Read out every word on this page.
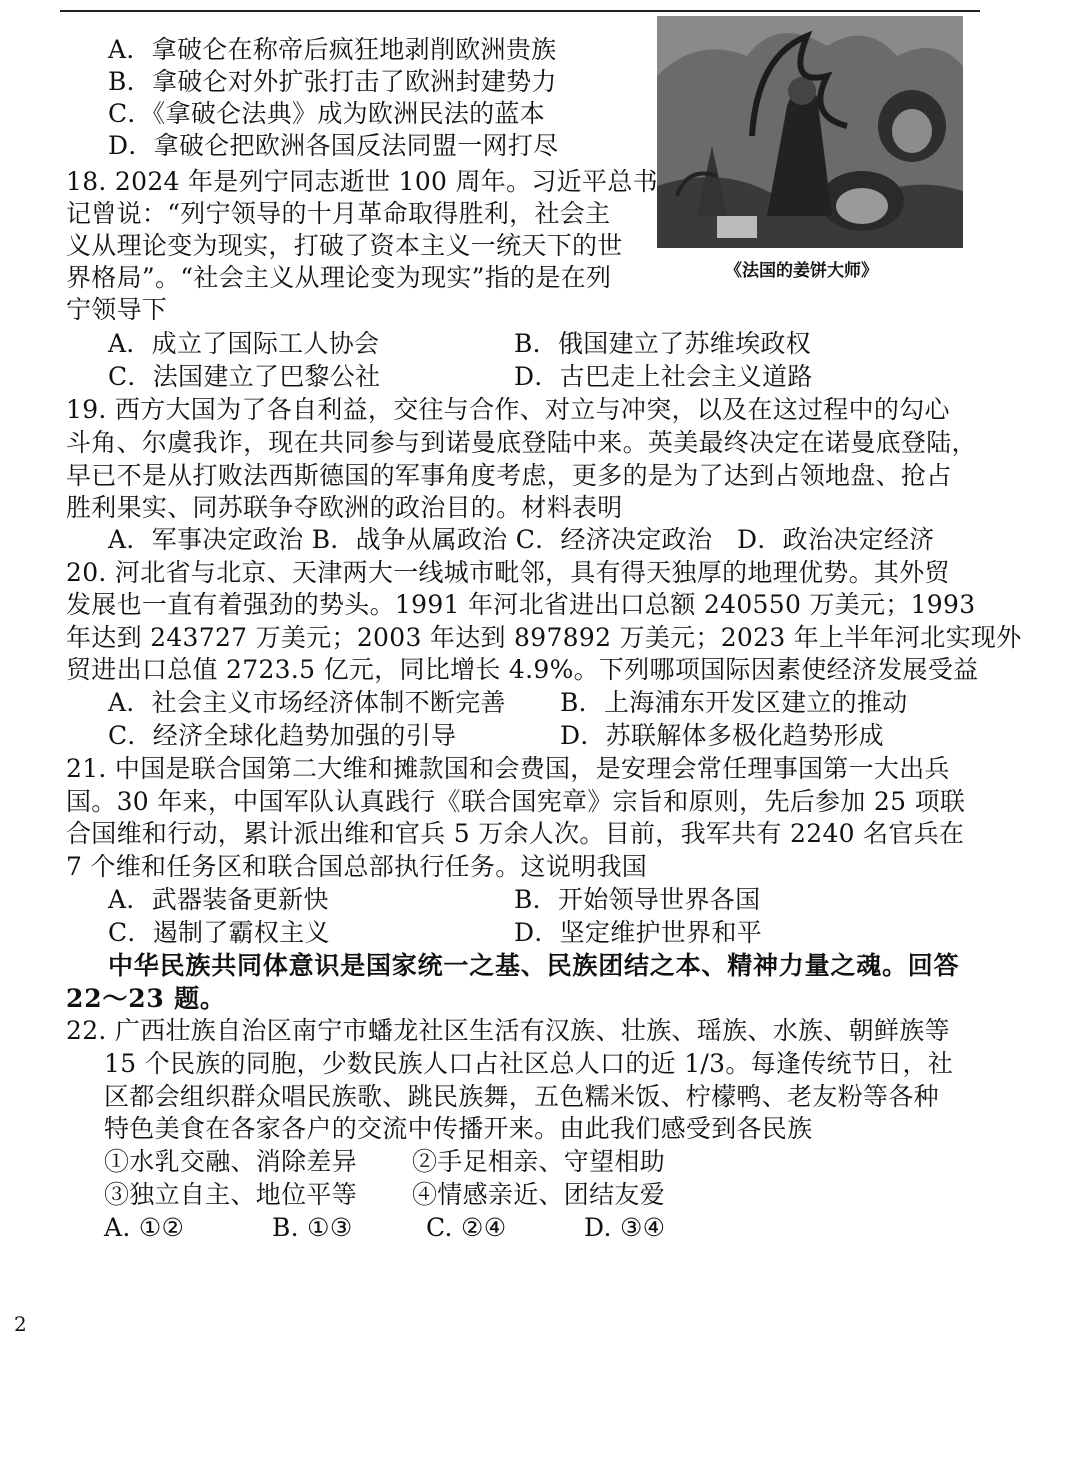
A．拿破仑在称帝后疯狂地剥削欧洲贵族
B．拿破仑对外扩张打击了欧洲封建势力
C．《拿破仑法典》成为欧洲民法的蓝本
D．拿破仑把欧洲各国反法同盟一网打尽
《法国的姜饼大师》
18. 2024 年是列宁同志逝世 100 周年。习近平总书
记曾说：“列宁领导的十月革命取得胜利，社会主
义从理论变为现实，打破了资本主义一统天下的世
界格局”。“社会主义从理论变为现实”指的是在列
宁领导下
A．成立了国际工人协会	B．俄国建立了苏维埃政权
C．法国建立了巴黎公社	D．古巴走上社会主义道路
19. 西方大国为了各自利益，交往与合作、对立与冲突，以及在这过程中的勾心
斗角、尔虞我诈，现在共同参与到诺曼底登陆中来。英美最终决定在诺曼底登陆，
早已不是从打败法西斯德国的军事角度考虑，更多的是为了达到占领地盘、抢占
胜利果实、同苏联争夺欧洲的政治目的。材料表明
A．军事决定政治 B．战争从属政治 C．经济决定政治   D．政治决定经济
20. 河北省与北京、天津两大一线城市毗邻，具有得天独厚的地理优势。其外贸
发展也一直有着强劲的势头。1991 年河北省进出口总额 240550 万美元；1993
年达到 243727 万美元；2003 年达到 897892 万美元；2023 年上半年河北实现外
贸进出口总值 2723.5 亿元，同比增长 4.9%。下列哪项国际因素使经济发展受益
A．社会主义市场经济体制不断完善 B．上海浦东开发区建立的推动
C．经济全球化趋势加强的引导	D．苏联解体多极化趋势形成
21. 中国是联合国第二大维和摊款国和会费国，是安理会常任理事国第一大出兵
国。30 年来，中国军队认真践行《联合国宪章》宗旨和原则，先后参加 25 项联
合国维和行动，累计派出维和官兵 5 万余人次。目前，我军共有 2240 名官兵在
7 个维和任务区和联合国总部执行任务。这说明我国
A．武器装备更新快	B．开始领导世界各国
C．遏制了霸权主义	D．坚定维护世界和平
中华民族共同体意识是国家统一之基、民族团结之本、精神力量之魂。回答
22～23 题。
22. 广西壮族自治区南宁市蟠龙社区生活有汉族、壮族、瑶族、水族、朝鲜族等
15 个民族的同胞，少数民族人口占社区总人口的近 1/3。每逢传统节日，社
区都会组织群众唱民族歌、跳民族舞，五色糯米饭、柠檬鸭、老友粉等各种
特色美食在各家各户的交流中传播开来。由此我们感受到各民族
①水乳交融、消除差异 ②手足相亲、守望相助
③独立自主、地位平等 ④情感亲近、团结友爱
A. ①②	B. ①③	C. ②④	D. ③④
2
